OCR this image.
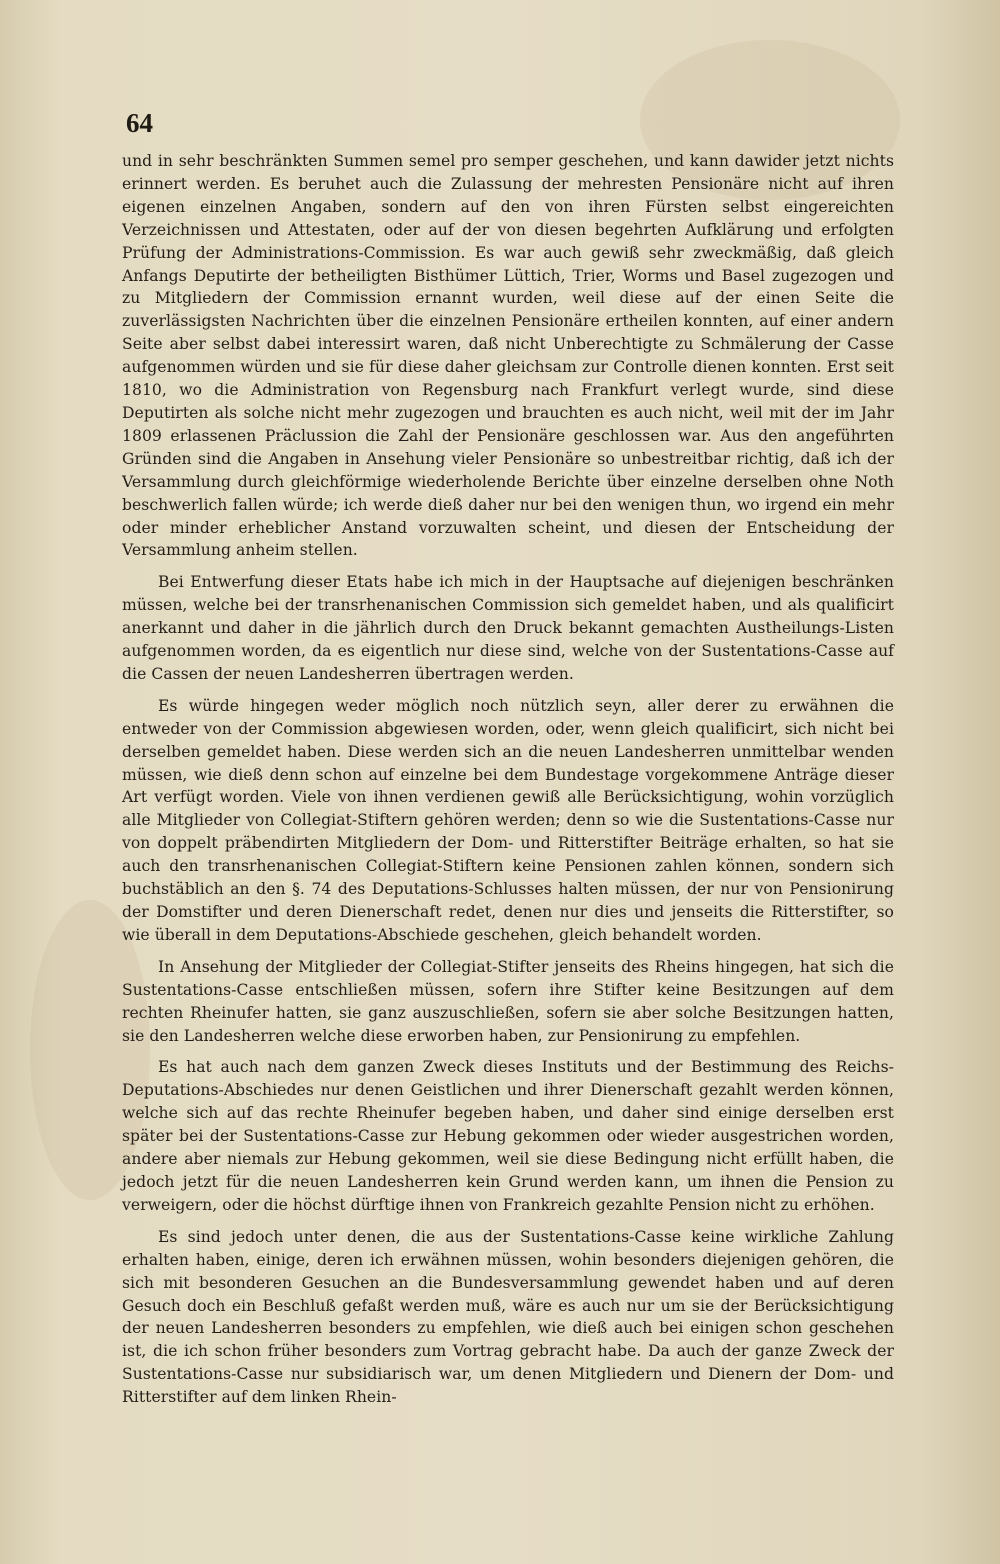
64

und in sehr beschränkten Summen semel pro semper geschehen, und kann dawider jetzt nichts erinnert werden. Es beruhet auch die Zulassung der mehresten Pensionäre nicht auf ihren eigenen einzelnen Angaben, sondern auf den von ihren Fürsten selbst eingereichten Verzeichnissen und Attestaten, oder auf der von diesen begehrten Aufklärung und erfolgten Prüfung der Administrations-Commission. Es war auch gewiß sehr zweckmäßig, daß gleich Anfangs Deputirte der betheiligten Bisthümer Lüttich, Trier, Worms und Basel zugezogen und zu Mitgliedern der Commission ernannt wurden, weil diese auf der einen Seite die zuverlässigsten Nachrichten über die einzelnen Pensionäre ertheilen konnten, auf einer andern Seite aber selbst dabei interessirt waren, daß nicht Unberechtigte zu Schmälerung der Casse aufgenommen würden und sie für diese daher gleichsam zur Controlle dienen konnten. Erst seit 1810, wo die Administration von Regensburg nach Frankfurt verlegt wurde, sind diese Deputirten als solche nicht mehr zugezogen und brauchten es auch nicht, weil mit der im Jahr 1809 erlassenen Präclussion die Zahl der Pensionäre geschlossen war. Aus den angeführten Gründen sind die Angaben in Ansehung vieler Pensionäre so unbestreitbar richtig, daß ich der Versammlung durch gleichförmige wiederholende Berichte über einzelne derselben ohne Noth beschwerlich fallen würde; ich werde dieß daher nur bei den wenigen thun, wo irgend ein mehr oder minder erheblicher Anstand vorzuwalten scheint, und diesen der Entscheidung der Versammlung anheim stellen.

Bei Entwerfung dieser Etats habe ich mich in der Hauptsache auf diejenigen beschränken müssen, welche bei der transrhenanischen Commission sich gemeldet haben, und als qualificirt anerkannt und daher in die jährlich durch den Druck bekannt gemachten Austheilungs-Listen aufgenommen worden, da es eigentlich nur diese sind, welche von der Sustentations-Casse auf die Cassen der neuen Landesherren übertragen werden.

Es würde hingegen weder möglich noch nützlich seyn, aller derer zu erwähnen die entweder von der Commission abgewiesen worden, oder, wenn gleich qualificirt, sich nicht bei derselben gemeldet haben. Diese werden sich an die neuen Landesherren unmittelbar wenden müssen, wie dieß denn schon auf einzelne bei dem Bundestage vorgekommene Anträge dieser Art verfügt worden. Viele von ihnen verdienen gewiß alle Berücksichtigung, wohin vorzüglich alle Mitglieder von Collegiat-Stiftern gehören werden; denn so wie die Sustentations-Casse nur von doppelt präbendirten Mitgliedern der Dom- und Ritterstifter Beiträge erhalten, so hat sie auch den transrhenanischen Collegiat-Stiftern keine Pensionen zahlen können, sondern sich buchstäblich an den §. 74 des Deputations-Schlusses halten müssen, der nur von Pensionirung der Domstifter und deren Dienerschaft redet, denen nur dies und jenseits die Ritterstifter, so wie überall in dem Deputations-Abschiede geschehen, gleich behandelt worden.

In Ansehung der Mitglieder der Collegiat-Stifter jenseits des Rheins hingegen, hat sich die Sustentations-Casse entschließen müssen, sofern ihre Stifter keine Besitzungen auf dem rechten Rheinufer hatten, sie ganz auszuschließen, sofern sie aber solche Besitzungen hatten, sie den Landesherren welche diese erworben haben, zur Pensionirung zu empfehlen.

Es hat auch nach dem ganzen Zweck dieses Instituts und der Bestimmung des Reichs-Deputations-Abschiedes nur denen Geistlichen und ihrer Dienerschaft gezahlt werden können, welche sich auf das rechte Rheinufer begeben haben, und daher sind einige derselben erst später bei der Sustentations-Casse zur Hebung gekommen oder wieder ausgestrichen worden, andere aber niemals zur Hebung gekommen, weil sie diese Bedingung nicht erfüllt haben, die jedoch jetzt für die neuen Landesherren kein Grund werden kann, um ihnen die Pension zu verweigern, oder die höchst dürftige ihnen von Frankreich gezahlte Pension nicht zu erhöhen.

Es sind jedoch unter denen, die aus der Sustentations-Casse keine wirkliche Zahlung erhalten haben, einige, deren ich erwähnen müssen, wohin besonders diejenigen gehören, die sich mit besonderen Gesuchen an die Bundesversammlung gewendet haben und auf deren Gesuch doch ein Beschluß gefaßt werden muß, wäre es auch nur um sie der Berücksichtigung der neuen Landesherren besonders zu empfehlen, wie dieß auch bei einigen schon geschehen ist, die ich schon früher besonders zum Vortrag gebracht habe. Da auch der ganze Zweck der Sustentations-Casse nur subsidiarisch war, um denen Mitgliedern und Dienern der Dom- und Ritterstifter auf dem linken Rhein-
